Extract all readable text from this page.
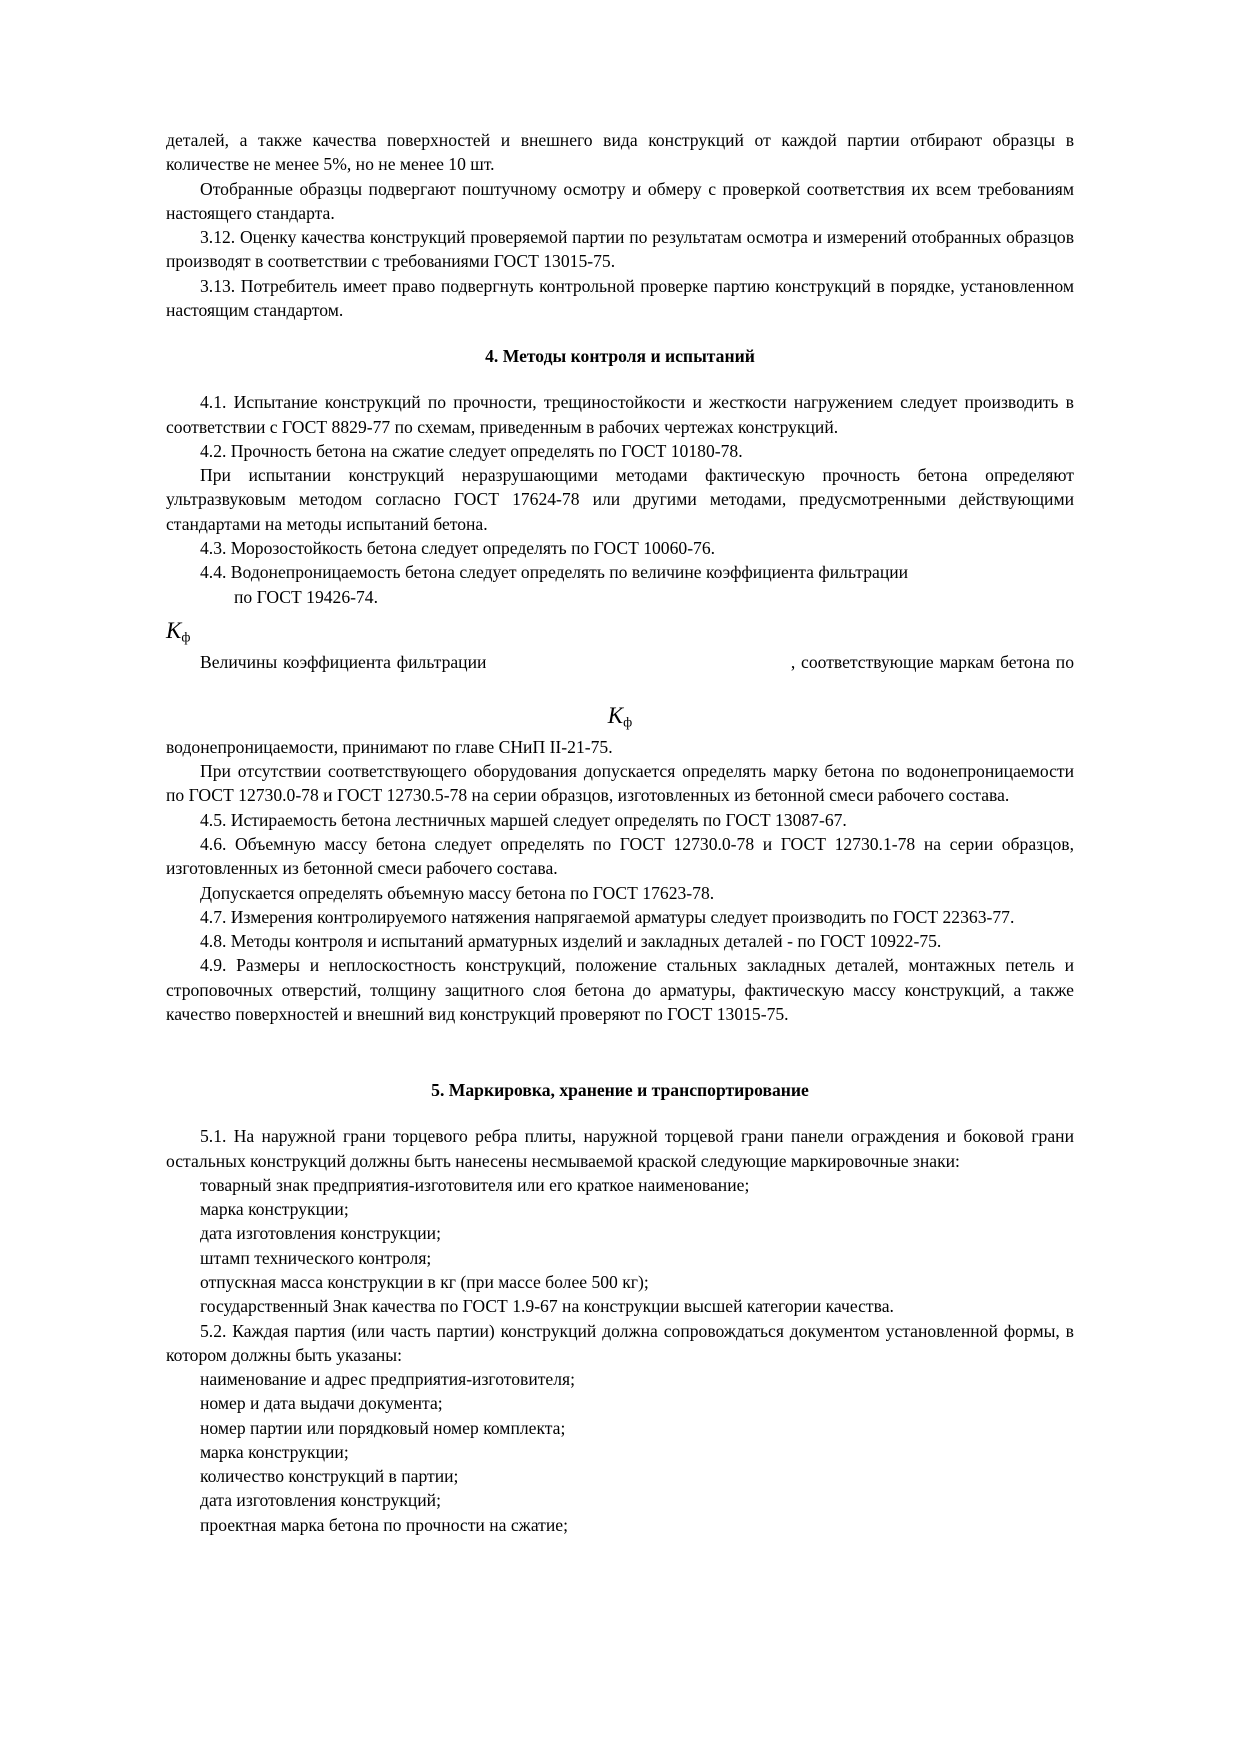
деталей, а также качества поверхностей и внешнего вида конструкций от каждой партии отбирают образцы в количестве не менее 5%, но не менее 10 шт.

Отобранные образцы подвергают поштучному осмотру и обмеру с проверкой соответствия их всем требованиям настоящего стандарта.

3.12. Оценку качества конструкций проверяемой партии по результатам осмотра и измерений отобранных образцов производят в соответствии с требованиями ГОСТ 13015-75.

3.13. Потребитель имеет право подвергнуть контрольной проверке партию конструкций в порядке, установленном настоящим стандартом.

4. Методы контроля и испытаний

4.1. Испытание конструкций по прочности, трещиностойкости и жесткости нагружением следует производить в соответствии с ГОСТ 8829-77 по схемам, приведенным в рабочих чертежах конструкций.

4.2. Прочность бетона на сжатие следует определять по ГОСТ 10180-78.

При испытании конструкций неразрушающими методами фактическую прочность бетона определяют ультразвуковым методом согласно ГОСТ 17624-78 или другими методами, предусмотренными действующими стандартами на методы испытаний бетона.

4.3. Морозостойкость бетона следует определять по ГОСТ 10060-76.

4.4. Водонепроницаемость бетона следует определять по величине коэффициента фильтрации

по ГОСТ 19426-74.

Kф

Величины коэффициента фильтрации	, соответствующие маркам бетона по

Kф

водонепроницаемости, принимают по главе СНиП II-21-75.

При отсутствии соответствующего оборудования допускается определять марку бетона по водонепроницаемости по ГОСТ 12730.0-78 и ГОСТ 12730.5-78 на серии образцов, изготовленных из бетонной смеси рабочего состава.

4.5. Истираемость бетона лестничных маршей следует определять по ГОСТ 13087-67.

4.6. Объемную массу бетона следует определять по ГОСТ 12730.0-78 и ГОСТ 12730.1-78 на серии образцов, изготовленных из бетонной смеси рабочего состава.

Допускается определять объемную массу бетона по ГОСТ 17623-78.

4.7. Измерения контролируемого натяжения напрягаемой арматуры следует производить по ГОСТ 22363-77.

4.8. Методы контроля и испытаний арматурных изделий и закладных деталей - по ГОСТ 10922-75.

4.9. Размеры и неплоскостность конструкций, положение стальных закладных деталей, монтажных петель и строповочных отверстий, толщину защитного слоя бетона до арматуры, фактическую массу конструкций, а также качество поверхностей и внешний вид конструкций проверяют по ГОСТ 13015-75.

5. Маркировка, хранение и транспортирование

5.1. На наружной грани торцевого ребра плиты, наружной торцевой грани панели ограждения и боковой грани остальных конструкций должны быть нанесены несмываемой краской следующие маркировочные знаки:

товарный знак предприятия-изготовителя или его краткое наименование;

марка конструкции;

дата изготовления конструкции;

штамп технического контроля;

отпускная масса конструкции в кг (при массе более 500 кг);

государственный Знак качества по ГОСТ 1.9-67 на конструкции высшей категории качества.

5.2. Каждая партия (или часть партии) конструкций должна сопровождаться документом установленной формы, в котором должны быть указаны:

наименование и адрес предприятия-изготовителя;

номер и дата выдачи документа;

номер партии или порядковый номер комплекта;

марка конструкции;

количество конструкций в партии;

дата изготовления конструкций;

проектная марка бетона по прочности на сжатие;
